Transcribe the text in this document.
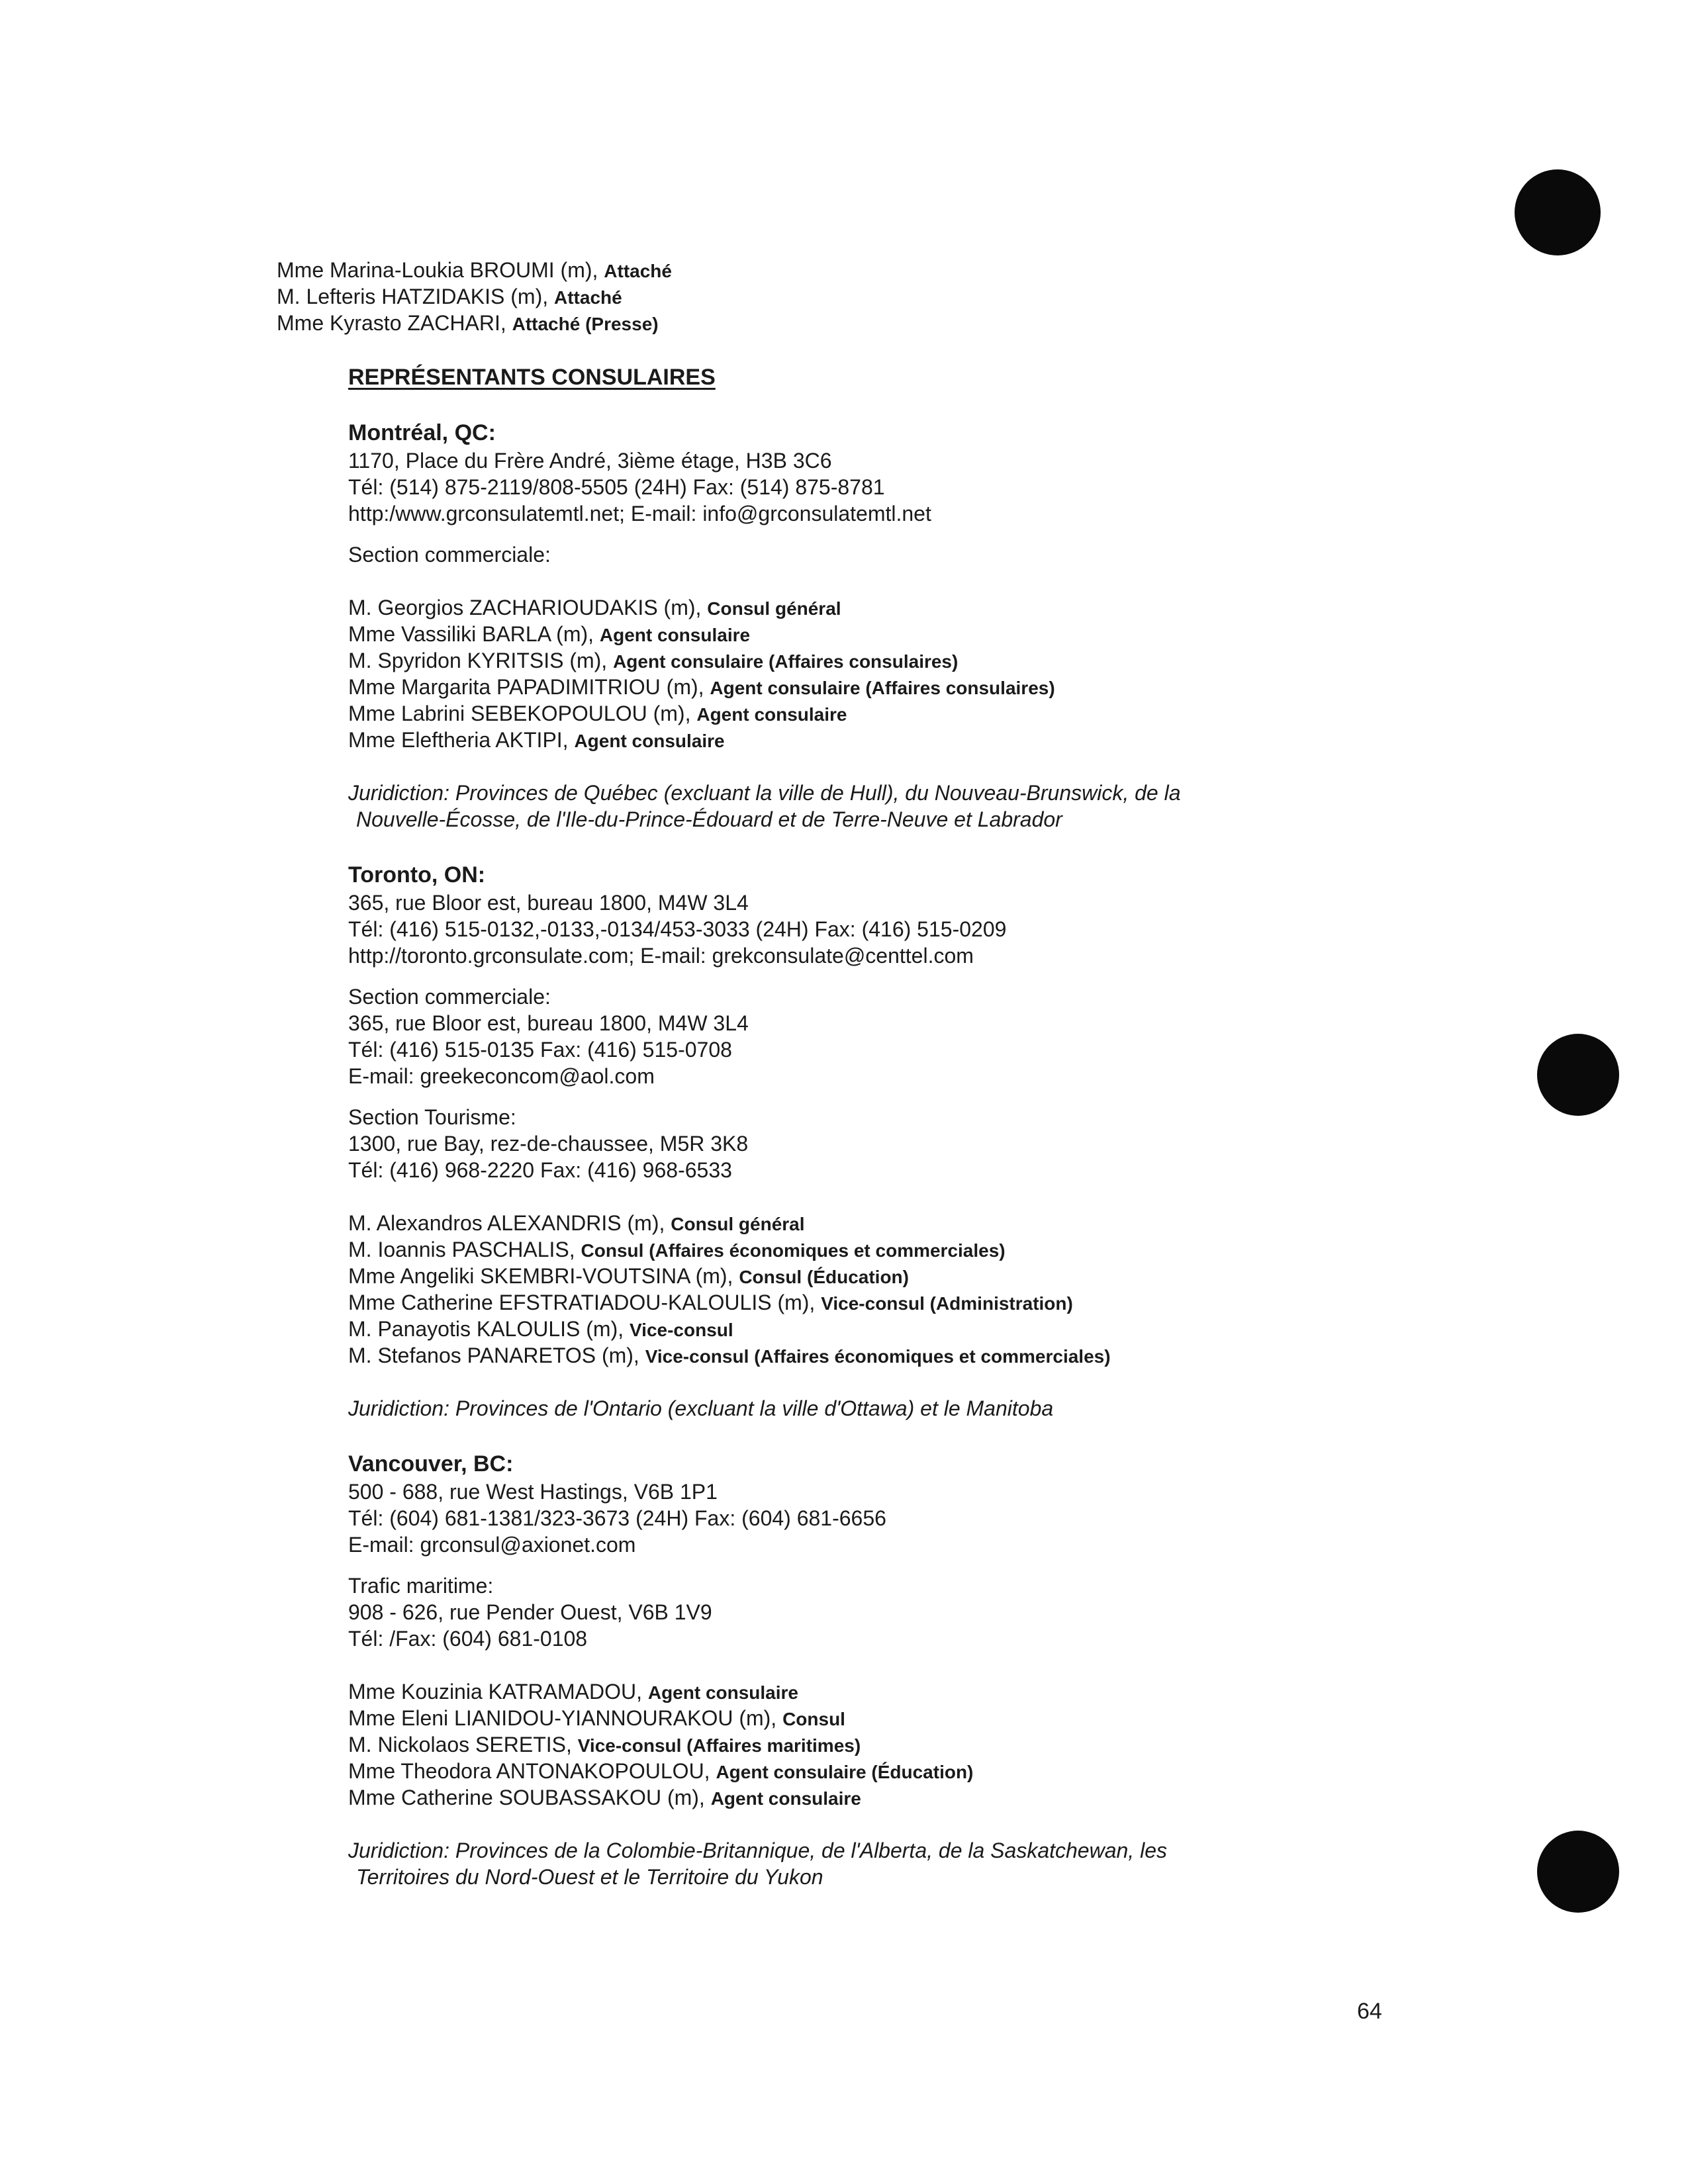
Mme Marina-Loukia BROUMI (m), Attaché
M. Lefteris HATZIDAKIS (m), Attaché
Mme Kyrasto ZACHARI, Attaché (Presse)
REPRÉSENTANTS CONSULAIRES
Montréal, QC:
1170, Place du Frère André, 3ième étage, H3B 3C6
Tél: (514) 875-2119/808-5505 (24H) Fax: (514) 875-8781
http:/www.grconsulatemtl.net; E-mail: info@grconsulatemtl.net
Section commerciale:
M. Georgios ZACHARIOUDAKIS (m), Consul général
Mme Vassiliki BARLA (m), Agent consulaire
M. Spyridon KYRITSIS (m), Agent consulaire (Affaires consulaires)
Mme Margarita PAPADIMITRIOU (m), Agent consulaire (Affaires consulaires)
Mme Labrini SEBEKOPOULOU (m), Agent consulaire
Mme Eleftheria AKTIPI, Agent consulaire
Juridiction: Provinces de Québec (excluant la ville de Hull), du Nouveau-Brunswick, de la
Nouvelle-Écosse, de l'Ile-du-Prince-Édouard et de Terre-Neuve et Labrador
Toronto, ON:
365, rue Bloor est, bureau 1800, M4W 3L4
Tél: (416) 515-0132,-0133,-0134/453-3033 (24H) Fax: (416) 515-0209
http://toronto.grconsulate.com; E-mail: grekconsulate@centtel.com
Section commerciale:
365, rue Bloor est, bureau 1800, M4W 3L4
Tél: (416) 515-0135 Fax: (416) 515-0708
E-mail: greekeconcom@aol.com
Section Tourisme:
1300, rue Bay, rez-de-chaussee, M5R 3K8
Tél: (416) 968-2220 Fax: (416) 968-6533
M. Alexandros ALEXANDRIS (m), Consul général
M. Ioannis PASCHALIS, Consul (Affaires économiques et commerciales)
Mme Angeliki SKEMBRI-VOUTSINA (m), Consul (Éducation)
Mme Catherine EFSTRATIADOU-KALOULIS (m), Vice-consul (Administration)
M. Panayotis KALOULIS (m), Vice-consul
M. Stefanos PANARETOS (m), Vice-consul (Affaires économiques et commerciales)
Juridiction: Provinces de l'Ontario (excluant la ville d'Ottawa) et le Manitoba
Vancouver, BC:
500 - 688, rue West Hastings, V6B 1P1
Tél: (604) 681-1381/323-3673 (24H) Fax: (604) 681-6656
E-mail: grconsul@axionet.com
Trafic maritime:
908 - 626, rue Pender Ouest, V6B 1V9
Tél: /Fax: (604) 681-0108
Mme Kouzinia KATRAMADOU, Agent consulaire
Mme Eleni LIANIDOU-YIANNOURAKOU (m), Consul
M. Nickolaos SERETIS, Vice-consul (Affaires maritimes)
Mme Theodora ANTONAKOPOULOU, Agent consulaire (Éducation)
Mme Catherine SOUBASSAKOU (m), Agent consulaire
Juridiction: Provinces de la Colombie-Britannique, de l'Alberta, de la Saskatchewan, les
Territoires du Nord-Ouest et le Territoire du Yukon
64
